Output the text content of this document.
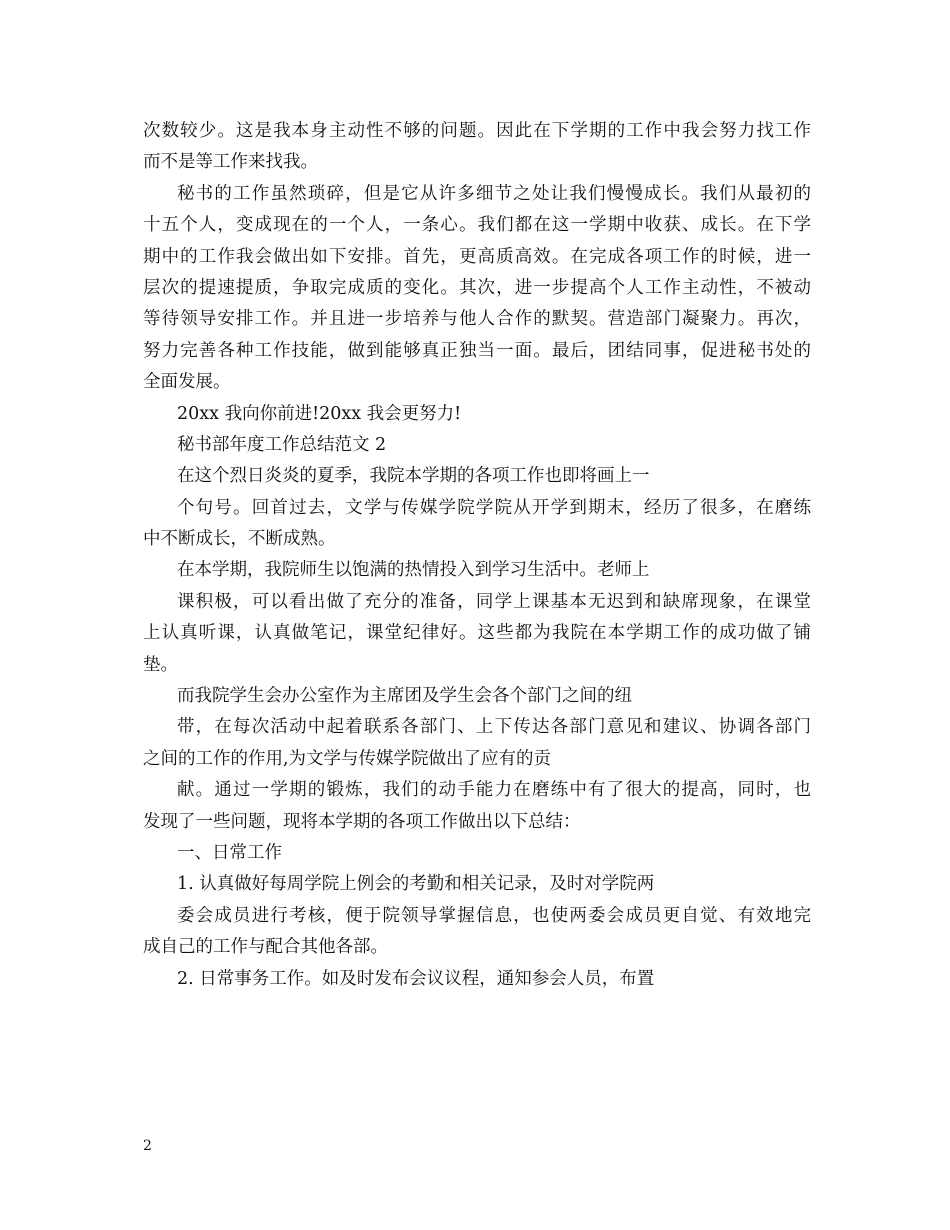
次数较少。这是我本身主动性不够的问题。因此在下学期的工作中我会努力找工作
而不是等工作来找我。
秘书的工作虽然琐碎，但是它从许多细节之处让我们慢慢成长。我们从最初的
十五个人，变成现在的一个人，一条心。我们都在这一学期中收获、成长。在下学
期中的工作我会做出如下安排。首先，更高质高效。在完成各项工作的时候，进一
层次的提速提质，争取完成质的变化。其次，进一步提高个人工作主动性，不被动
等待领导安排工作。并且进一步培养与他人合作的默契。营造部门凝聚力。再次，
努力完善各种工作技能，做到能够真正独当一面。最后，团结同事，促进秘书处的
全面发展。
20xx 我向你前进!20xx 我会更努力!
秘书部年度工作总结范文 2
在这个烈日炎炎的夏季，我院本学期的各项工作也即将画上一
个句号。回首过去，文学与传媒学院学院从开学到期末，经历了很多，在磨练
中不断成长，不断成熟。
在本学期，我院师生以饱满的热情投入到学习生活中。老师上
课积极，可以看出做了充分的准备，同学上课基本无迟到和缺席现象，在课堂
上认真听课，认真做笔记，课堂纪律好。这些都为我院在本学期工作的成功做了铺
垫。
而我院学生会办公室作为主席团及学生会各个部门之间的纽
带，在每次活动中起着联系各部门、上下传达各部门意见和建议、协调各部门
之间的工作的作用,为文学与传媒学院做出了应有的贡
献。通过一学期的锻炼，我们的动手能力在磨练中有了很大的提高，同时，也
发现了一些问题，现将本学期的各项工作做出以下总结：
一、日常工作
1. 认真做好每周学院上例会的考勤和相关记录，及时对学院两
委会成员进行考核，便于院领导掌握信息，也使两委会成员更自觉、有效地完
成自己的工作与配合其他各部。
2. 日常事务工作。如及时发布会议议程，通知参会人员，布置
2
